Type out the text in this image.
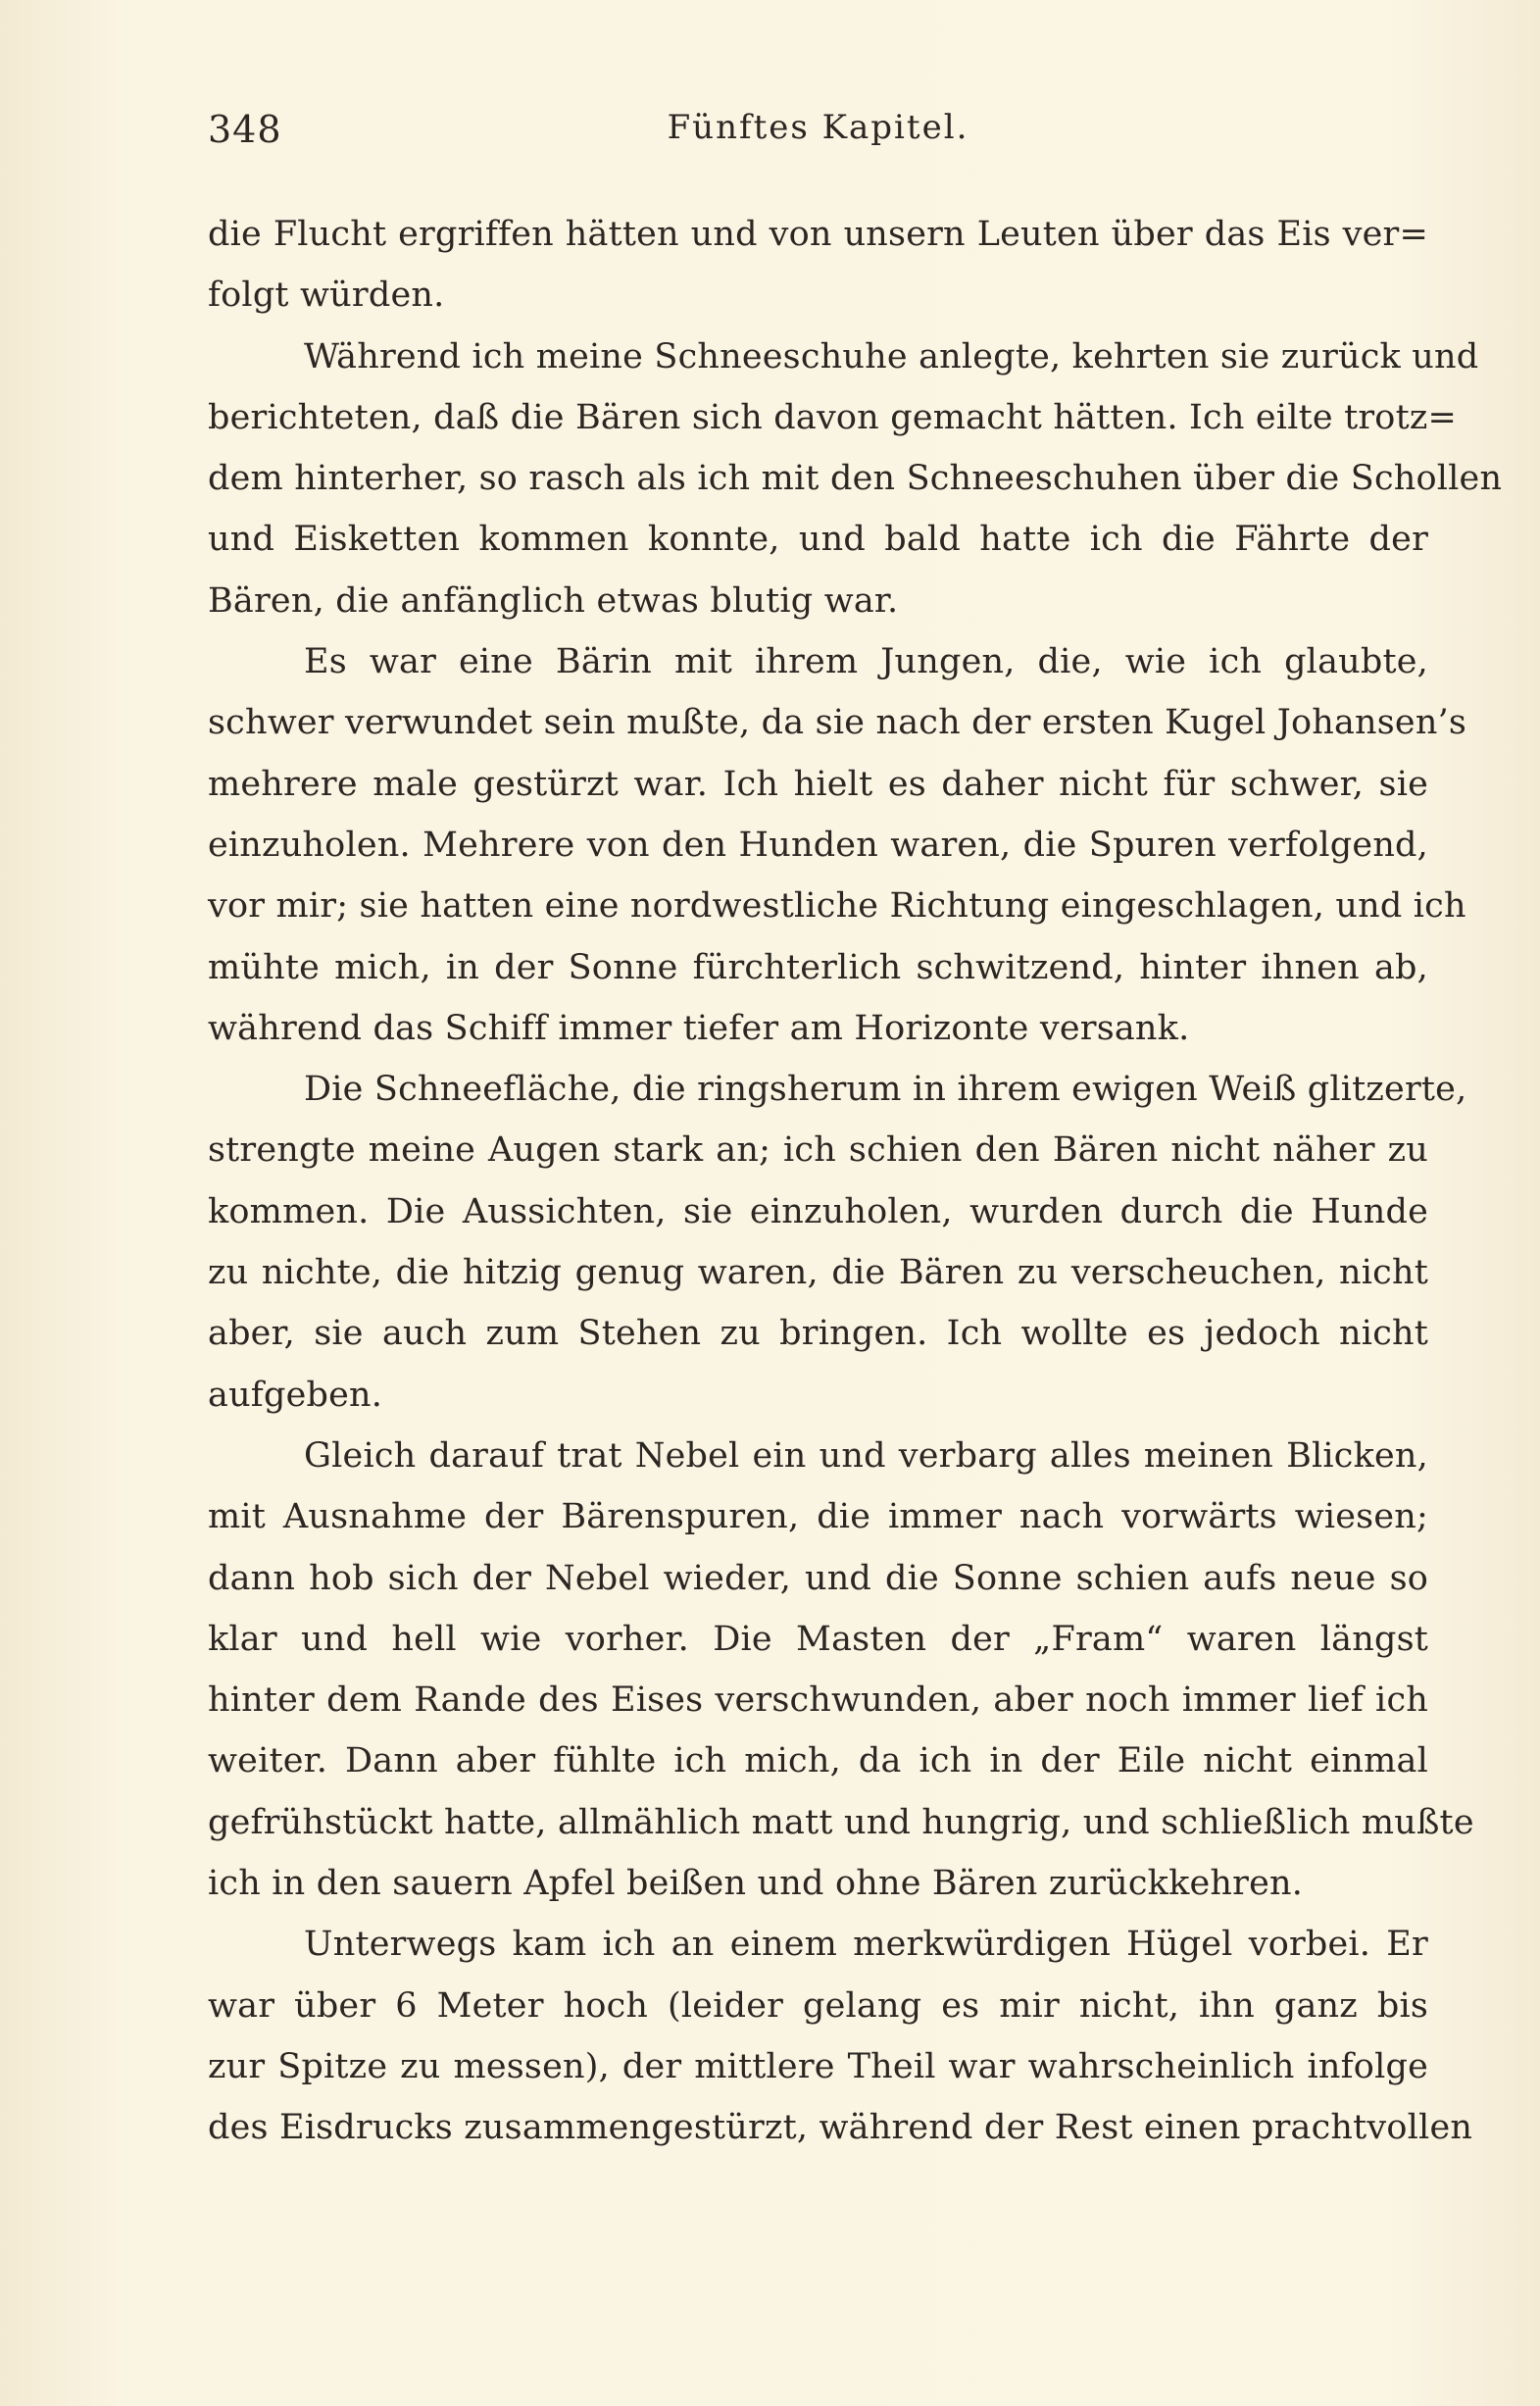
348	Fünftes Kapitel.
die Flucht ergriffen hätten und von unsern Leuten über das Eis ver=
folgt würden.
Während ich meine Schneeschuhe anlegte, kehrten sie zurück und
berichteten, daß die Bären sich davon gemacht hätten. Ich eilte trotz=
dem hinterher, so rasch als ich mit den Schneeschuhen über die Schollen
und Eisketten kommen konnte, und bald hatte ich die Fährte der
Bären, die anfänglich etwas blutig war.
Es war eine Bärin mit ihrem Jungen, die, wie ich glaubte,
schwer verwundet sein mußte, da sie nach der ersten Kugel Johansen’s
mehrere male gestürzt war. Ich hielt es daher nicht für schwer, sie
einzuholen. Mehrere von den Hunden waren, die Spuren verfolgend,
vor mir; sie hatten eine nordwestliche Richtung eingeschlagen, und ich
mühte mich, in der Sonne fürchterlich schwitzend, hinter ihnen ab,
während das Schiff immer tiefer am Horizonte versank.
Die Schneefläche, die ringsherum in ihrem ewigen Weiß glitzerte,
strengte meine Augen stark an; ich schien den Bären nicht näher zu
kommen. Die Aussichten, sie einzuholen, wurden durch die Hunde
zu nichte, die hitzig genug waren, die Bären zu verscheuchen, nicht
aber, sie auch zum Stehen zu bringen. Ich wollte es jedoch nicht
aufgeben.
Gleich darauf trat Nebel ein und verbarg alles meinen Blicken,
mit Ausnahme der Bärenspuren, die immer nach vorwärts wiesen;
dann hob sich der Nebel wieder, und die Sonne schien aufs neue so
klar und hell wie vorher. Die Masten der „Fram“ waren längst
hinter dem Rande des Eises verschwunden, aber noch immer lief ich
weiter. Dann aber fühlte ich mich, da ich in der Eile nicht einmal
gefrühstückt hatte, allmählich matt und hungrig, und schließlich mußte
ich in den sauern Apfel beißen und ohne Bären zurückkehren.
Unterwegs kam ich an einem merkwürdigen Hügel vorbei. Er
war über 6 Meter hoch (leider gelang es mir nicht, ihn ganz bis
zur Spitze zu messen), der mittlere Theil war wahrscheinlich infolge
des Eisdrucks zusammengestürzt, während der Rest einen prachtvollen
